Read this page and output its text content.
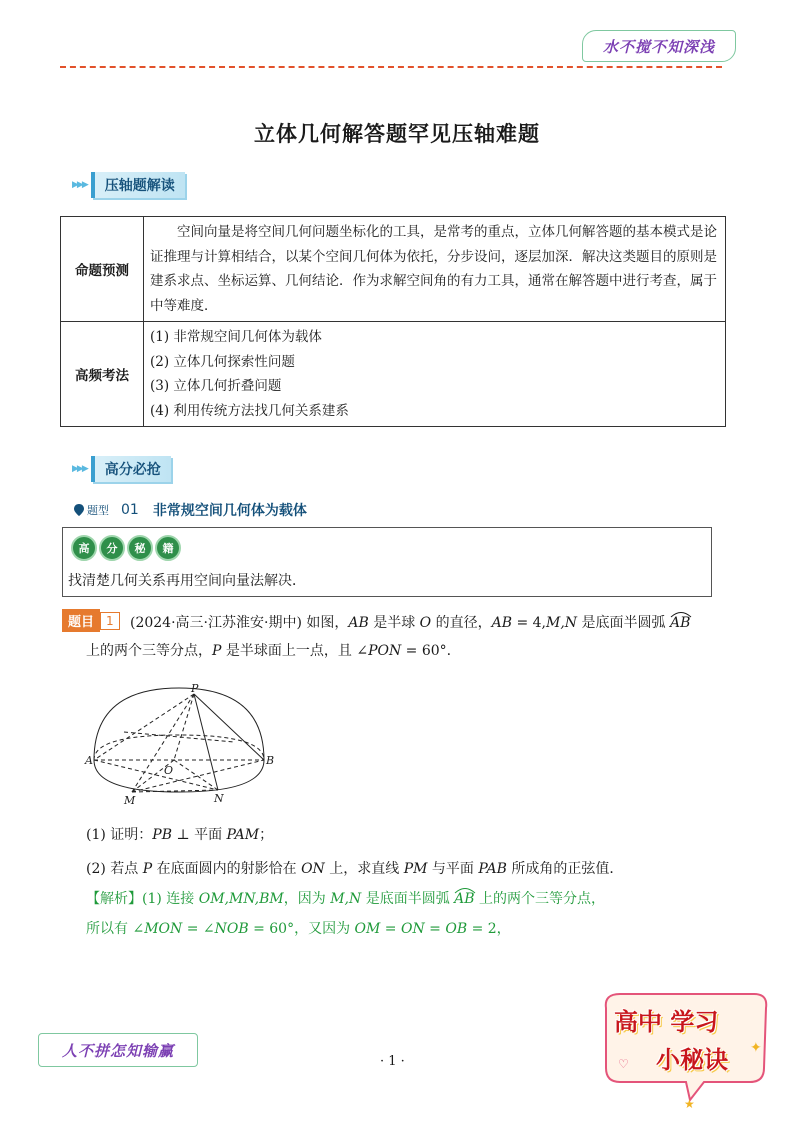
水不搅不知深浅
立体几何解答题罕见压轴难题
▶▶▶	压轴题解读
命题预测	空间向量是将空间几何问题坐标化的工具，是常考的重点，立体几何解答题的基本模式是论证推理与计算相结合，以某个空间几何体为依托，分步设问，逐层加深．解决这类题目的原则是建系求点、坐标运算、几何结论．作为求解空间角的有力工具，通常在解答题中进行考查，属于中等难度．

高频考法	(1) 非常规空间几何体为载体
(2) 立体几何探索性问题
(3) 立体几何折叠问题
(4) 利用传统方法找几何关系建系
▶▶▶	高分必抢
题型 01 非常规空间几何体为载体
高	分	秘	籍
找清楚几何关系再用空间向量法解决．
题目	1	(2024·高三·江苏淮安·期中) 如图，AB 是半球 O 的直径，AB = 4,M,N 是底面半圆弧
AB
上的两个三等分点，P 是半球面上一点，且 ∠PON = 60°.
P
A
O
B
M	N
(1) 证明：PB ⊥ 平面 PAM；
(2) 若点 P 在底面圆内的射影恰在 ON 上，求直线 PM 与平面 PAB 所成角的正弦值．
【解析】(1) 连接 OM,MN,BM，因为 M,N 是底面半圆弧
AB 上的两个三等分点，
所以有 ∠MON = ∠NOB = 60°，又因为 OM = ON = OB = 2，
人不拼怎知输赢
· 1 ·	♡
✦
★
高中 学习
小秘诀
